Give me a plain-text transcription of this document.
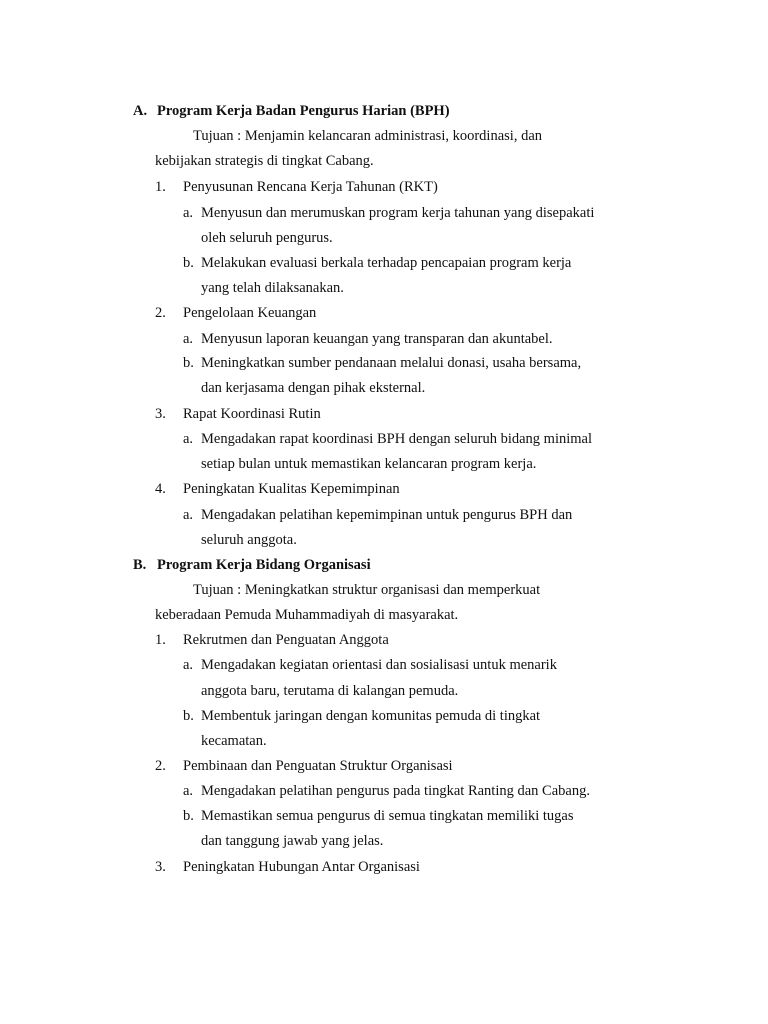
A. Program Kerja Badan Pengurus Harian (BPH)
Tujuan : Menjamin kelancaran administrasi, koordinasi, dan
kebijakan strategis di tingkat Cabang.
1. Penyusunan Rencana Kerja Tahunan (RKT)
a. Menyusun dan merumuskan program kerja tahunan yang disepakati
oleh seluruh pengurus.
b. Melakukan evaluasi berkala terhadap pencapaian program kerja
yang telah dilaksanakan.
2. Pengelolaan Keuangan
a. Menyusun laporan keuangan yang transparan dan akuntabel.
b. Meningkatkan sumber pendanaan melalui donasi, usaha bersama,
dan kerjasama dengan pihak eksternal.
3. Rapat Koordinasi Rutin
a. Mengadakan rapat koordinasi BPH dengan seluruh bidang minimal
setiap bulan untuk memastikan kelancaran program kerja.
4. Peningkatan Kualitas Kepemimpinan
a. Mengadakan pelatihan kepemimpinan untuk pengurus BPH dan
seluruh anggota.
B. Program Kerja Bidang Organisasi
Tujuan : Meningkatkan struktur organisasi dan memperkuat
keberadaan Pemuda Muhammadiyah di masyarakat.
1. Rekrutmen dan Penguatan Anggota
a. Mengadakan kegiatan orientasi dan sosialisasi untuk menarik
anggota baru, terutama di kalangan pemuda.
b. Membentuk jaringan dengan komunitas pemuda di tingkat
kecamatan.
2. Pembinaan dan Penguatan Struktur Organisasi
a. Mengadakan pelatihan pengurus pada tingkat Ranting dan Cabang.
b. Memastikan semua pengurus di semua tingkatan memiliki tugas
dan tanggung jawab yang jelas.
3. Peningkatan Hubungan Antar Organisasi
